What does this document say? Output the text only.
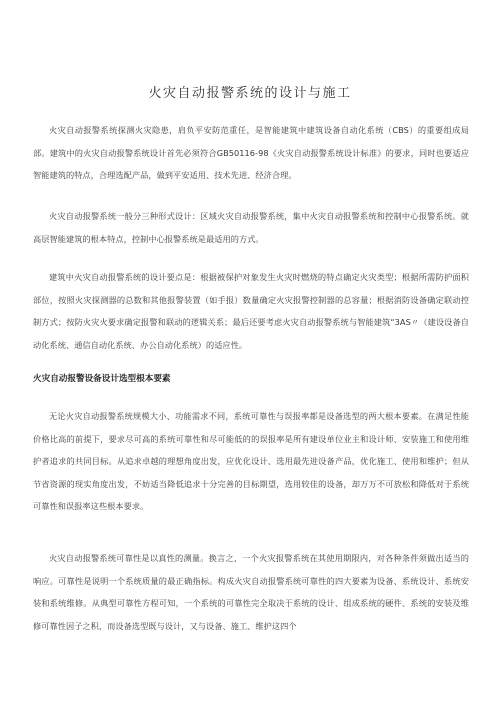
火灾自动报警系统的设计与施工

火灾自动报警系统探测火灾隐患，肩负平安防范重任，是智能建筑中建筑设备自动化系统（CBS）的重要组成局部。建筑中的火灾自动报警系统设计首先必须符合GB50116-98《火灾自动报警系统设计标准》的要求，同时也要适应智能建筑的特点，合理选配产品，做到平安适用、技术先进、经济合理。

火灾自动报警系统一般分三种形式设计：区域火灾自动报警系统，集中火灾自动报警系统和控制中心报警系统。就高层智能建筑的根本特点，控制中心报警系统是最适用的方式。

建筑中火灾自动报警系统的设计要点是：根据被保护对象发生火灾时燃烧的特点确定火灾类型；根据所需防护面积部位，按照火灾探测器的总数和其他报警装置（如手报）数量确定火灾报警控制器的总容量；根据消防设备确定联动控制方式；按防火灾火要求确定报警和联动的逻辑关系；最后还要考虑火灾自动报警系统与智能建筑“3AS〃（建设设备自动化系统、通信自动化系统、办公自动化系统）的适应性。

火灾自动报警设备设计选型根本要素

无论火灾自动报警系统规模大小、功能需求不同，系统可靠性与误报率都是设备选型的两大根本要素。在满足性能价格比高的前提下，要求尽可高的系统可靠性和尽可能低的的误报率是所有建设单位业主和设计师、安装施工和使用维护者追求的共同目标。从追求卓越的理想角度出发，应优化设计、选用最先进设备产品，优化施工、使用和维护；但从节省资源的现实角度出发，不妨适当降低追求十分完善的目标期望，选用较佳的设备，却万万不可放松和降低对于系统可靠性和误报率这些根本要求。

火灾自动报警系统可靠性是以真性的测量。换言之，一个火灾报警系统在其使用期限内，对各种条件须做出适当的响应。可靠性是说明一个系统质量的最正确指标。构成火灾自动报警系统可靠性的四大要素为设备、系统设计、系统安装和系统维修。从典型可靠性方程可知，一个系统的可靠性完全取决于系统的设计、组成系统的硬件、系统的安装及维修可靠性因子之积，而设备选型既与设计，又与设备、施工、维护这四个
